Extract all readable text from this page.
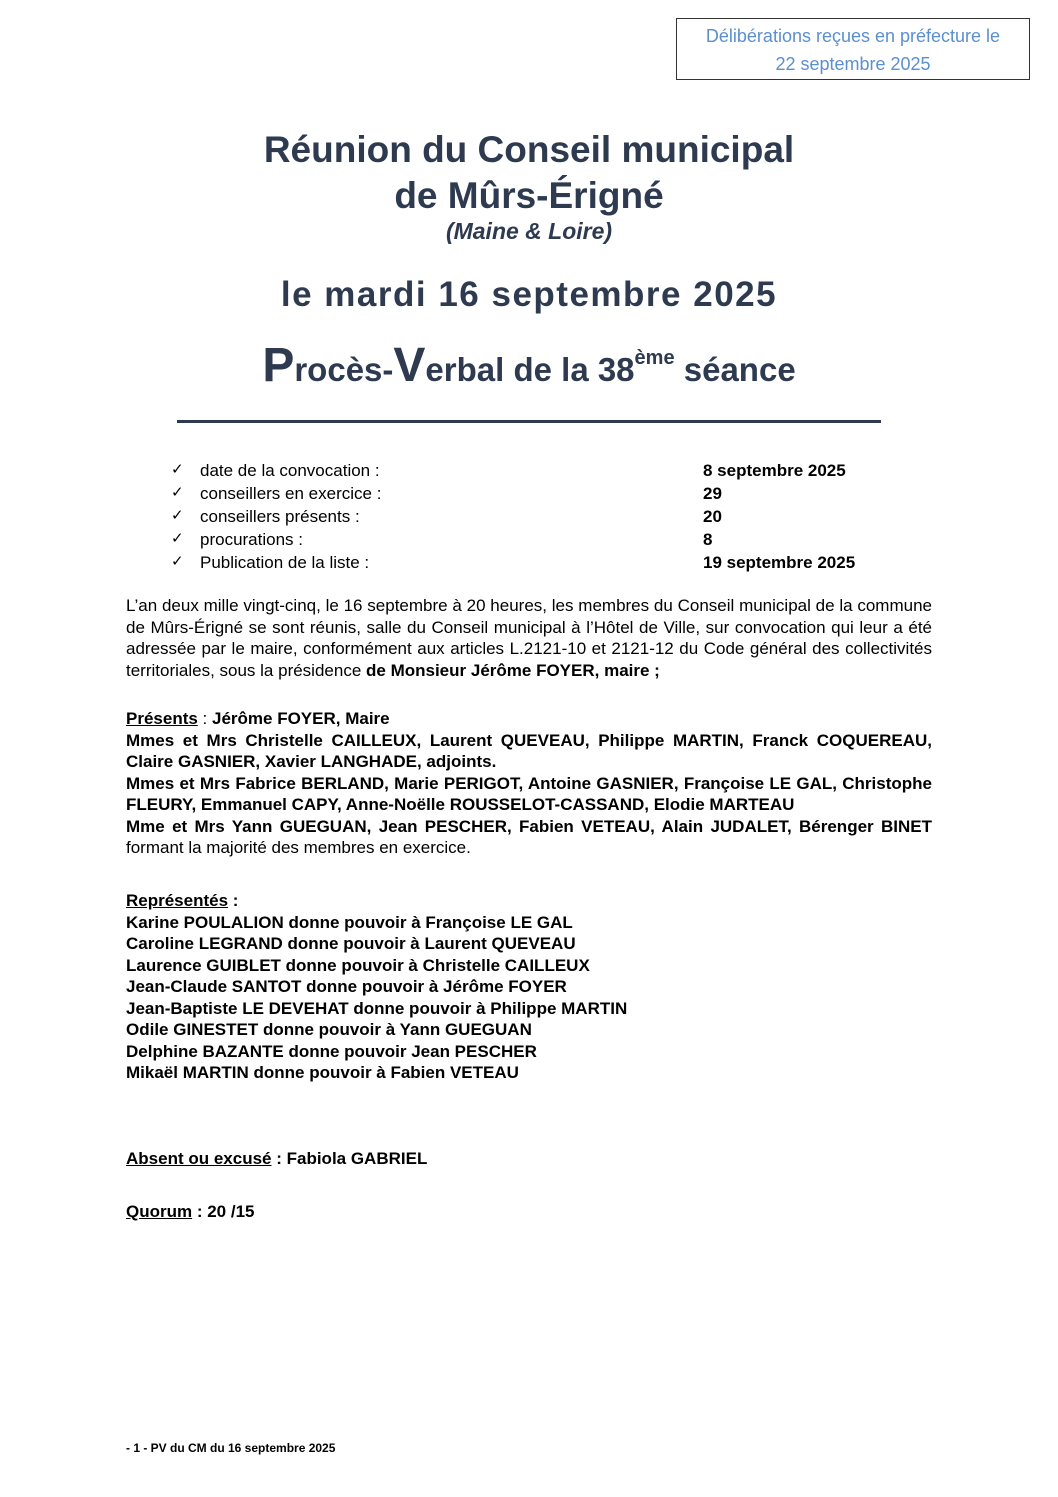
Délibérations reçues en préfecture le
22 septembre 2025
Réunion du Conseil municipal
de Mûrs-Érigné
(Maine & Loire)
le mardi 16 septembre 2025
Procès-Verbal de la 38ème séance
✓ date de la convocation :	8 septembre 2025
✓ conseillers en exercice :	29
✓ conseillers présents :	20
✓ procurations :	8
✓ Publication de la liste :	19 septembre 2025
L’an deux mille vingt-cinq, le 16 septembre à 20 heures, les membres du Conseil municipal de la commune de Mûrs-Érigné se sont réunis, salle du Conseil municipal à l’Hôtel de Ville, sur convocation qui leur a été adressée par le maire, conformément aux articles L.2121-10 et 2121-12 du Code général des collectivités territoriales, sous la présidence de Monsieur Jérôme FOYER, maire ;
Présents : Jérôme FOYER, Maire
Mmes et Mrs Christelle CAILLEUX, Laurent QUEVEAU, Philippe MARTIN, Franck COQUEREAU, Claire GASNIER, Xavier LANGHADE, adjoints.
Mmes et Mrs Fabrice BERLAND, Marie PERIGOT, Antoine GASNIER, Françoise LE GAL, Christophe FLEURY, Emmanuel CAPY, Anne-Noëlle ROUSSELOT-CASSAND, Elodie MARTEAU
Mme et Mrs Yann GUEGUAN, Jean PESCHER, Fabien VETEAU, Alain JUDALET, Bérenger BINET formant la majorité des membres en exercice.
Représentés :
Karine POULALION donne pouvoir à Françoise LE GAL
Caroline LEGRAND donne pouvoir à Laurent QUEVEAU
Laurence GUIBLET donne pouvoir à Christelle CAILLEUX
Jean-Claude SANTOT donne pouvoir à Jérôme FOYER
Jean-Baptiste LE DEVEHAT donne pouvoir à Philippe MARTIN
Odile GINESTET donne pouvoir à Yann GUEGUAN
Delphine BAZANTE donne pouvoir Jean PESCHER
Mikaël MARTIN donne pouvoir à Fabien VETEAU
Absent ou excusé : Fabiola GABRIEL
Quorum : 20 /15
- 1 - PV du CM du 16 septembre 2025
